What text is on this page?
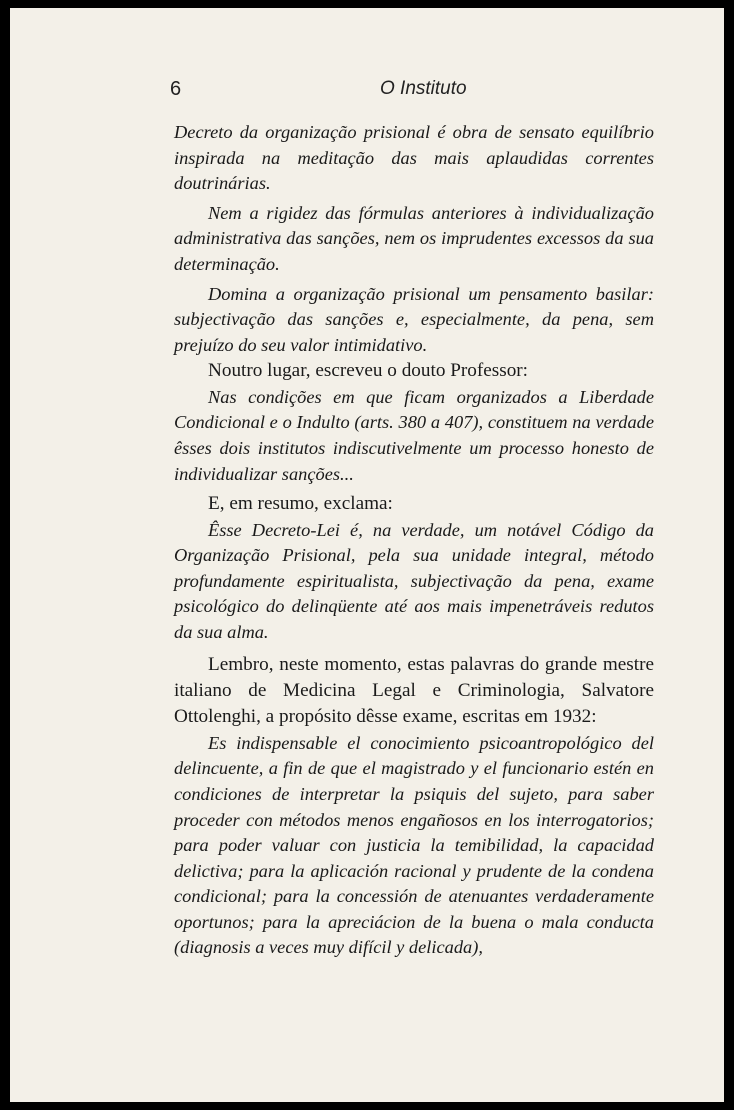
6	O Instituto

Decreto da organização prisional é obra de sensato equilíbrio inspirada na meditação das mais aplaudidas correntes doutrinárias.

Nem a rigidez das fórmulas anteriores à individualização administrativa das sanções, nem os imprudentes excessos da sua determinação.

Domina a organização prisional um pensamento basilar: subjectivação das sanções e, especialmente, da pena, sem prejuízo do seu valor intimidativo.

Noutro lugar, escreveu o douto Professor:

Nas condições em que ficam organizados a Liberdade Condicional e o Indulto (arts. 380 a 407), constituem na verdade êsses dois institutos indiscutivelmente um processo honesto de individualizar sanções...

E, em resumo, exclama:

Êsse Decreto-Lei é, na verdade, um notável Código da Organização Prisional, pela sua unidade integral, método profundamente espiritualista, subjectivação da pena, exame psicológico do delinqüente até aos mais impenetráveis redutos da sua alma.

Lembro, neste momento, estas palavras do grande mestre italiano de Medicina Legal e Criminologia, Salvatore Ottolenghi, a propósito dêsse exame, escritas em 1932:

Es indispensable el conocimiento psicoantropológico del delincuente, a fin de que el magistrado y el funcionario estén en condiciones de interpretar la psiquis del sujeto, para saber proceder con métodos menos engañosos en los interrogatorios; para poder valuar con justicia la temibilidad, la capacidad delictiva; para la aplicación racional y prudente de la condena condicional; para la concessión de atenuantes verdaderamente oportunos; para la apreciácion de la buena o mala conducta (diagnosis a veces muy difícil y delicada),
